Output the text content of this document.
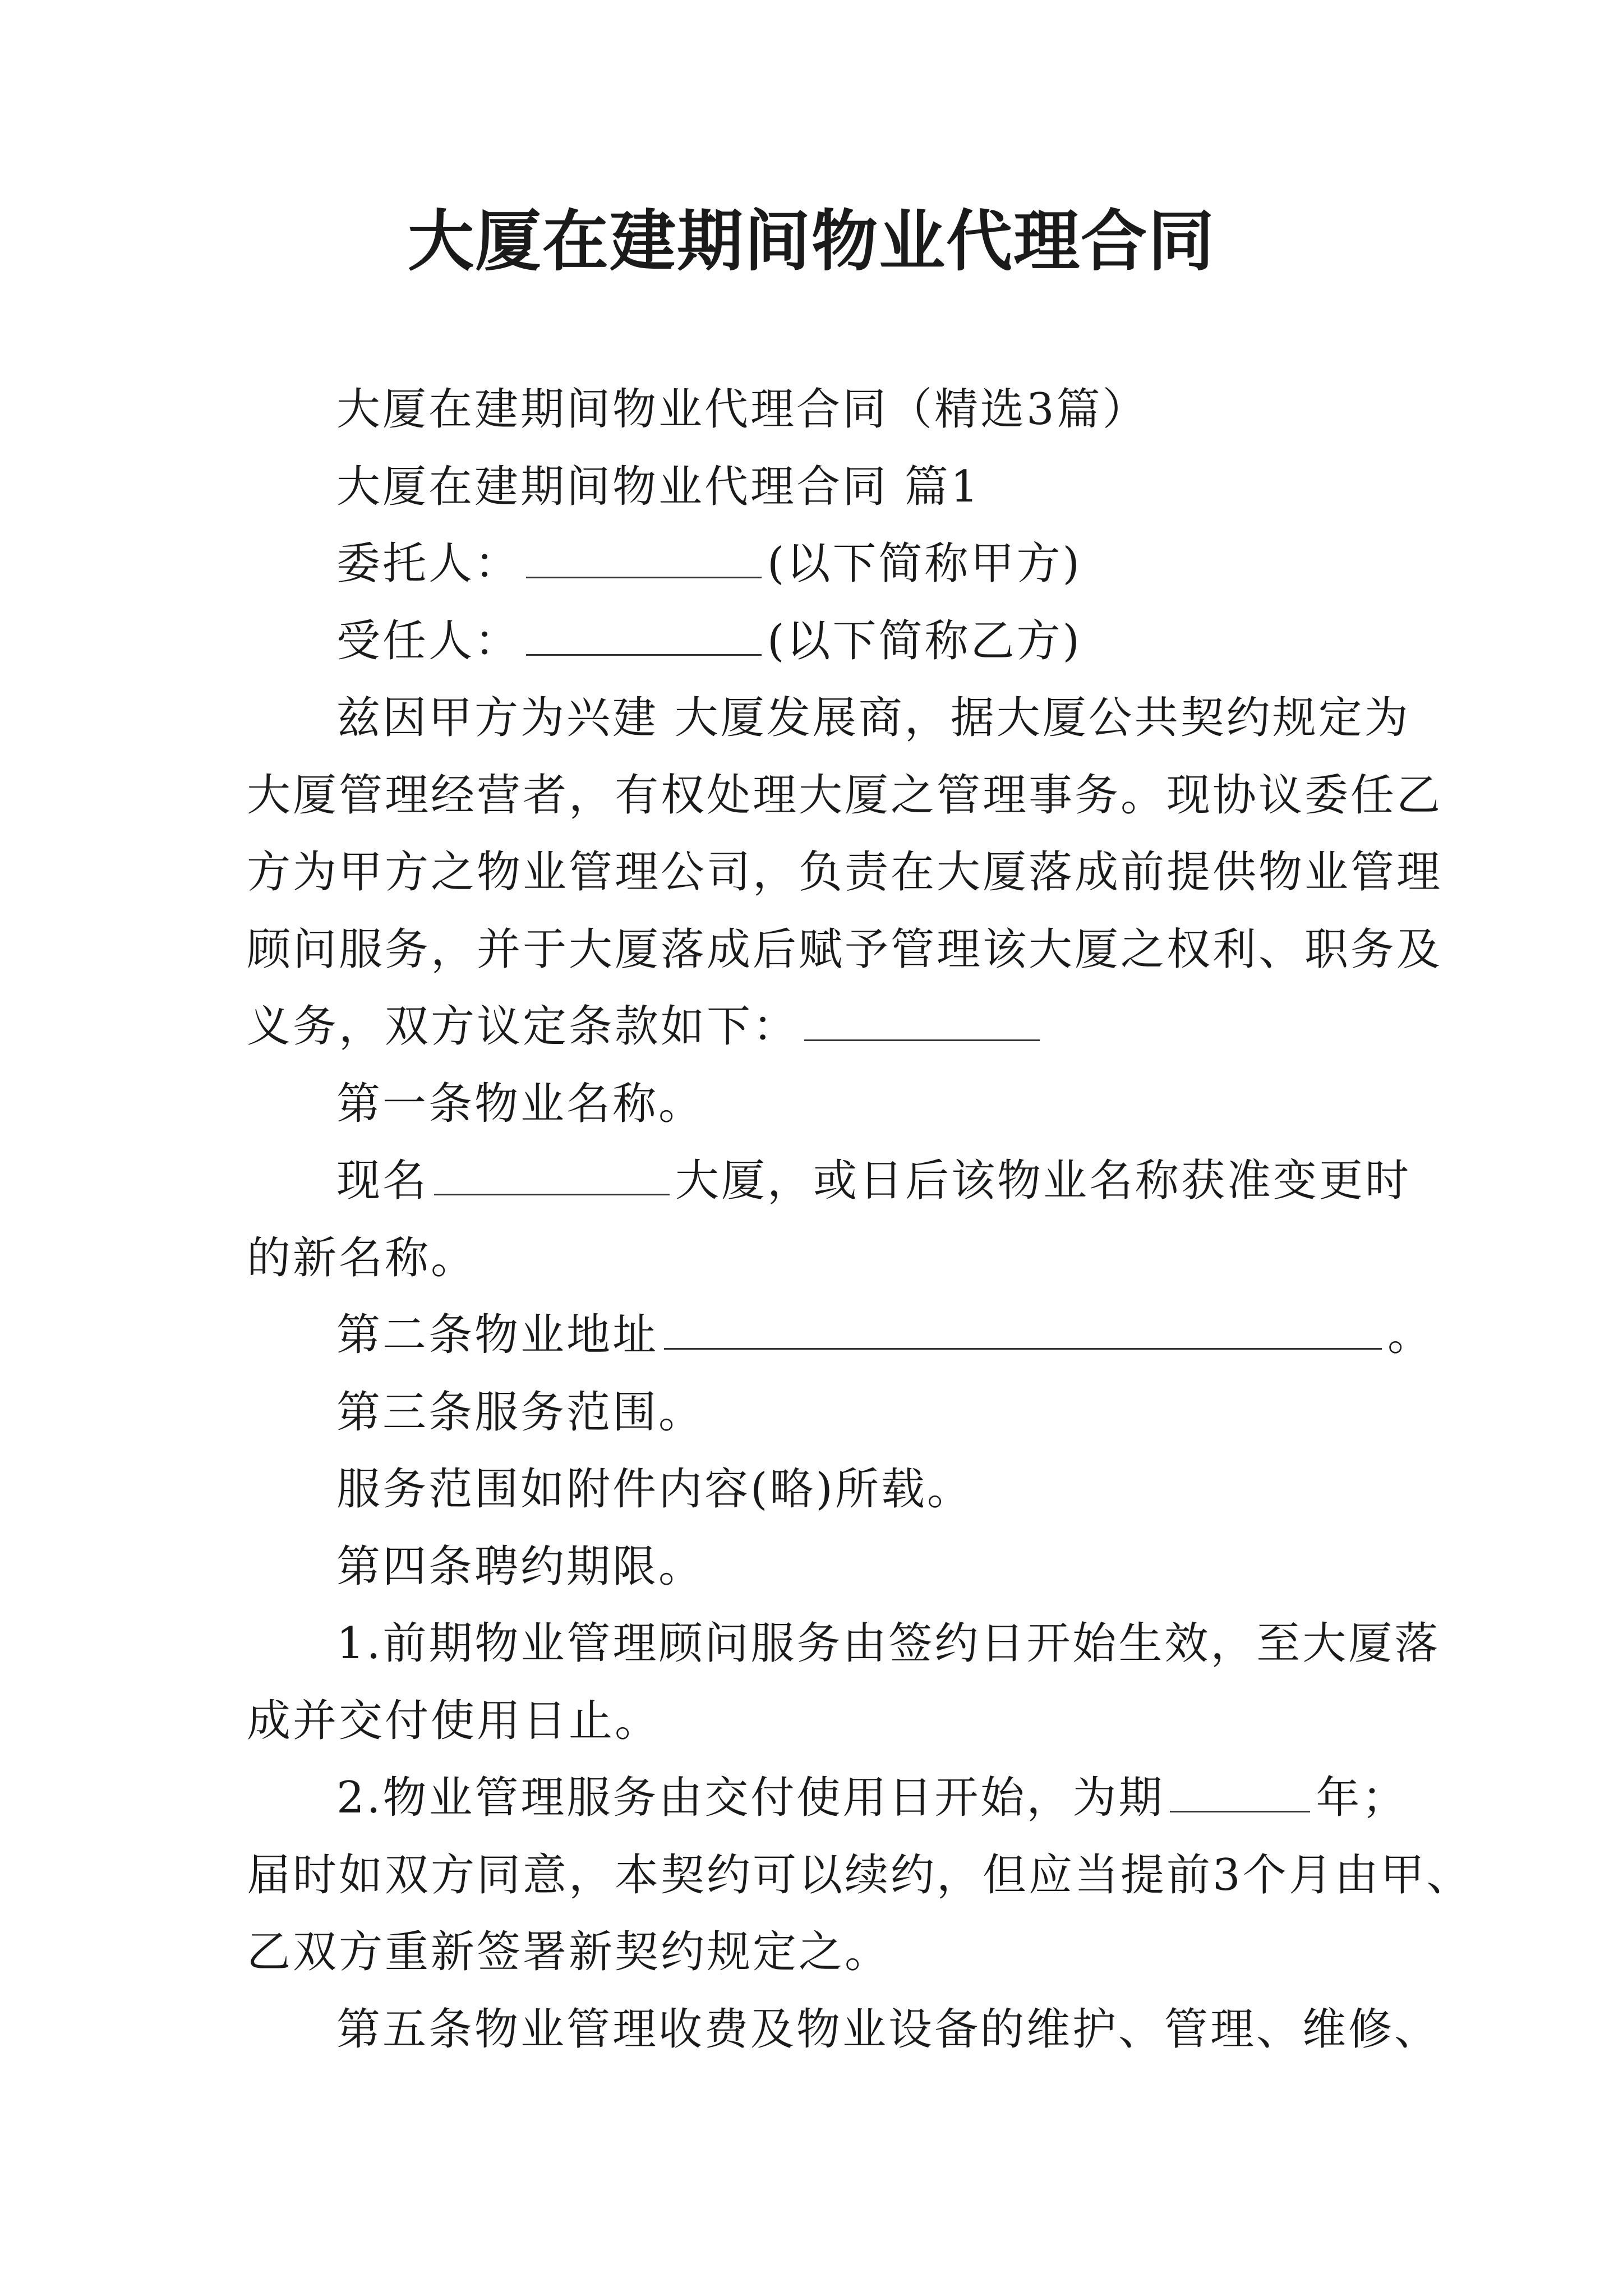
大厦在建期间物业代理合同

大厦在建期间物业代理合同（精选3篇）

大厦在建期间物业代理合同 篇1

委托人：	(以下简称甲方)

受任人：	(以下简称乙方)

兹因甲方为兴建 大厦发展商，据大厦公共契约规定为

大厦管理经营者，有权处理大厦之管理事务。现协议委任乙

方为甲方之物业管理公司，负责在大厦落成前提供物业管理

顾问服务，并于大厦落成后赋予管理该大厦之权利、职务及

义务，双方议定条款如下：

第一条物业名称。

现名	大厦，或日后该物业名称获准变更时

的新名称。

第二条物业地址	。

第三条服务范围。

服务范围如附件内容(略)所载。

第四条聘约期限。

1.前期物业管理顾问服务由签约日开始生效，至大厦落

成并交付使用日止。

2.物业管理服务由交付使用日开始，为期	年；

届时如双方同意，本契约可以续约，但应当提前3个月由甲、

乙双方重新签署新契约规定之。

第五条物业管理收费及物业设备的维护、管理、维修、
